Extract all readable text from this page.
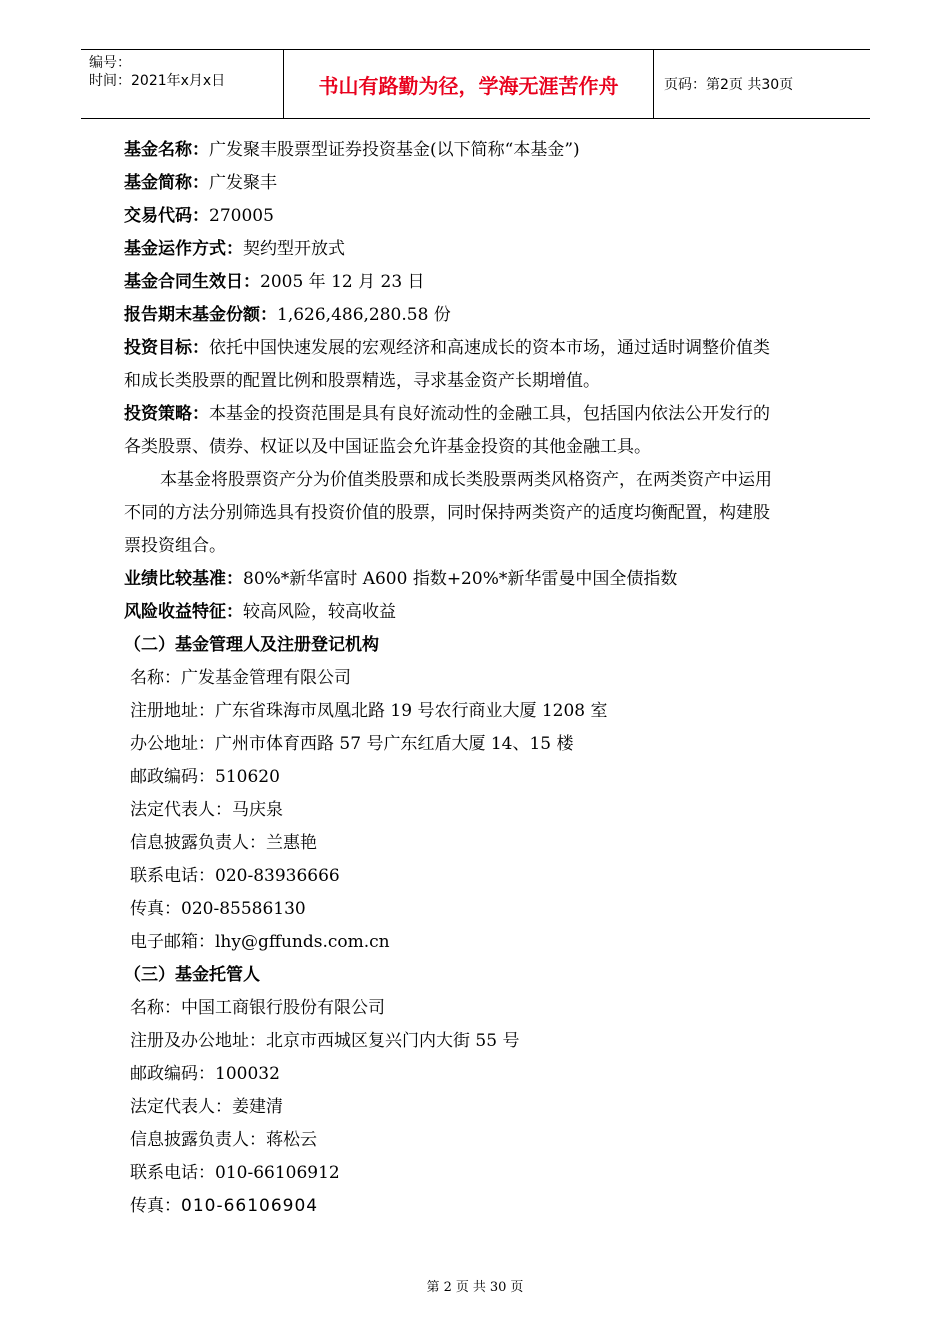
编号：
时间：2021年x月x日	书山有路勤为径，学海无涯苦作舟	页码：第2页 共30页
基金名称：广发聚丰股票型证券投资基金(以下简称“本基金”)
基金简称：广发聚丰
交易代码：270005
基金运作方式：契约型开放式
基金合同生效日：2005 年 12 月 23 日
报告期末基金份额：1,626,486,280.58 份
投资目标：依托中国快速发展的宏观经济和高速成长的资本市场，通过适时调整价值类
和成长类股票的配置比例和股票精选，寻求基金资产长期增值。
投资策略：本基金的投资范围是具有良好流动性的金融工具，包括国内依法公开发行的
各类股票、债券、权证以及中国证监会允许基金投资的其他金融工具。
本基金将股票资产分为价值类股票和成长类股票两类风格资产，在两类资产中运用
不同的方法分别筛选具有投资价值的股票，同时保持两类资产的适度均衡配置，构建股
票投资组合。
业绩比较基准：80%*新华富时 A600 指数+20%*新华雷曼中国全债指数
风险收益特征：较高风险，较高收益
（二）基金管理人及注册登记机构
名称：广发基金管理有限公司
注册地址：广东省珠海市凤凰北路 19 号农行商业大厦 1208 室
办公地址：广州市体育西路 57 号广东红盾大厦 14、15 楼
邮政编码：510620
法定代表人：马庆泉
信息披露负责人：兰惠艳
联系电话：020-83936666
传真：020-85586130
电子邮箱：lhy@gffunds.com.cn
（三）基金托管人
名称：中国工商银行股份有限公司
注册及办公地址：北京市西城区复兴门内大街 55 号
邮政编码：100032
法定代表人：姜建清
信息披露负责人：蒋松云
联系电话：010-66106912
传真：010-66106904
第 2 页 共 30 页
